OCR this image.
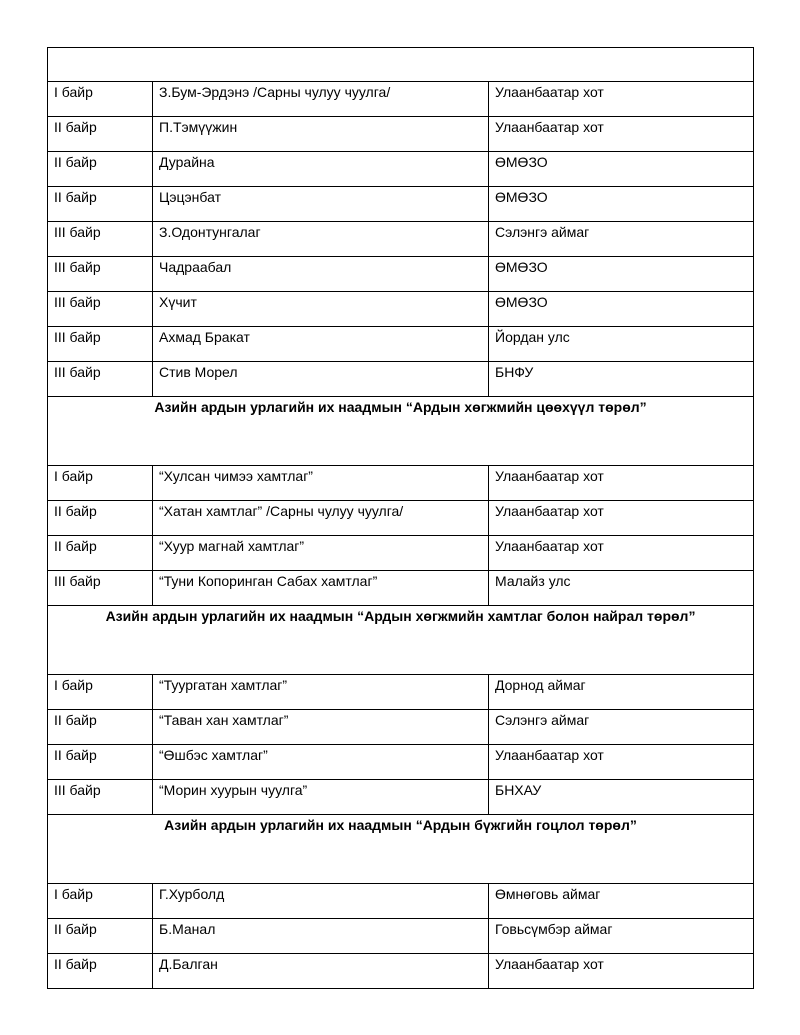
I байр	З.Бум-Эрдэнэ /Сарны чулуу чуулга/	Улаанбаатар хот
II байр	П.Тэмүүжин	Улаанбаатар хот
II байр	Дурайна	ӨМӨЗО
II байр	Цэцэнбат	ӨМӨЗО
III байр	З.Одонтунгалаг	Сэлэнгэ аймаг
III байр	Чадраабал	ӨМӨЗО
III байр	Хүчит	ӨМӨЗО
III байр	Ахмад Бракат	Йордан улс
III байр	Стив Морел	БНФУ
Азийн ардын урлагийн их наадмын “Ардын хөгжмийн цөөхүүл төрөл”		
I байр	“Хулсан чимээ хамтлаг”	Улаанбаатар хот
II байр	“Хатан хамтлаг” /Сарны чулуу чуулга/	Улаанбаатар хот
II байр	“Хуур магнай хамтлаг”	Улаанбаатар хот
III байр	“Туни Копоринган Сабах хамтлаг”	Малайз улс
Азийн ардын урлагийн их наадмын “Ардын хөгжмийн хамтлаг болон найрал төрөл”		
I байр	“Туургатан хамтлаг”	Дорнод аймаг
II байр	“Таван хан хамтлаг”	Сэлэнгэ аймаг
II байр	“Өшбэс хамтлаг”	Улаанбаатар хот
III байр	“Морин хуурын чуулга”	БНХАУ
Азийн ардын урлагийн их наадмын “Ардын бүжгийн гоцлол төрөл”		
I байр	Г.Хурболд	Өмнөговь аймаг
II байр	Б.Манал	Говьсүмбэр аймаг
II байр	Д.Балган	Улаанбаатар хот
